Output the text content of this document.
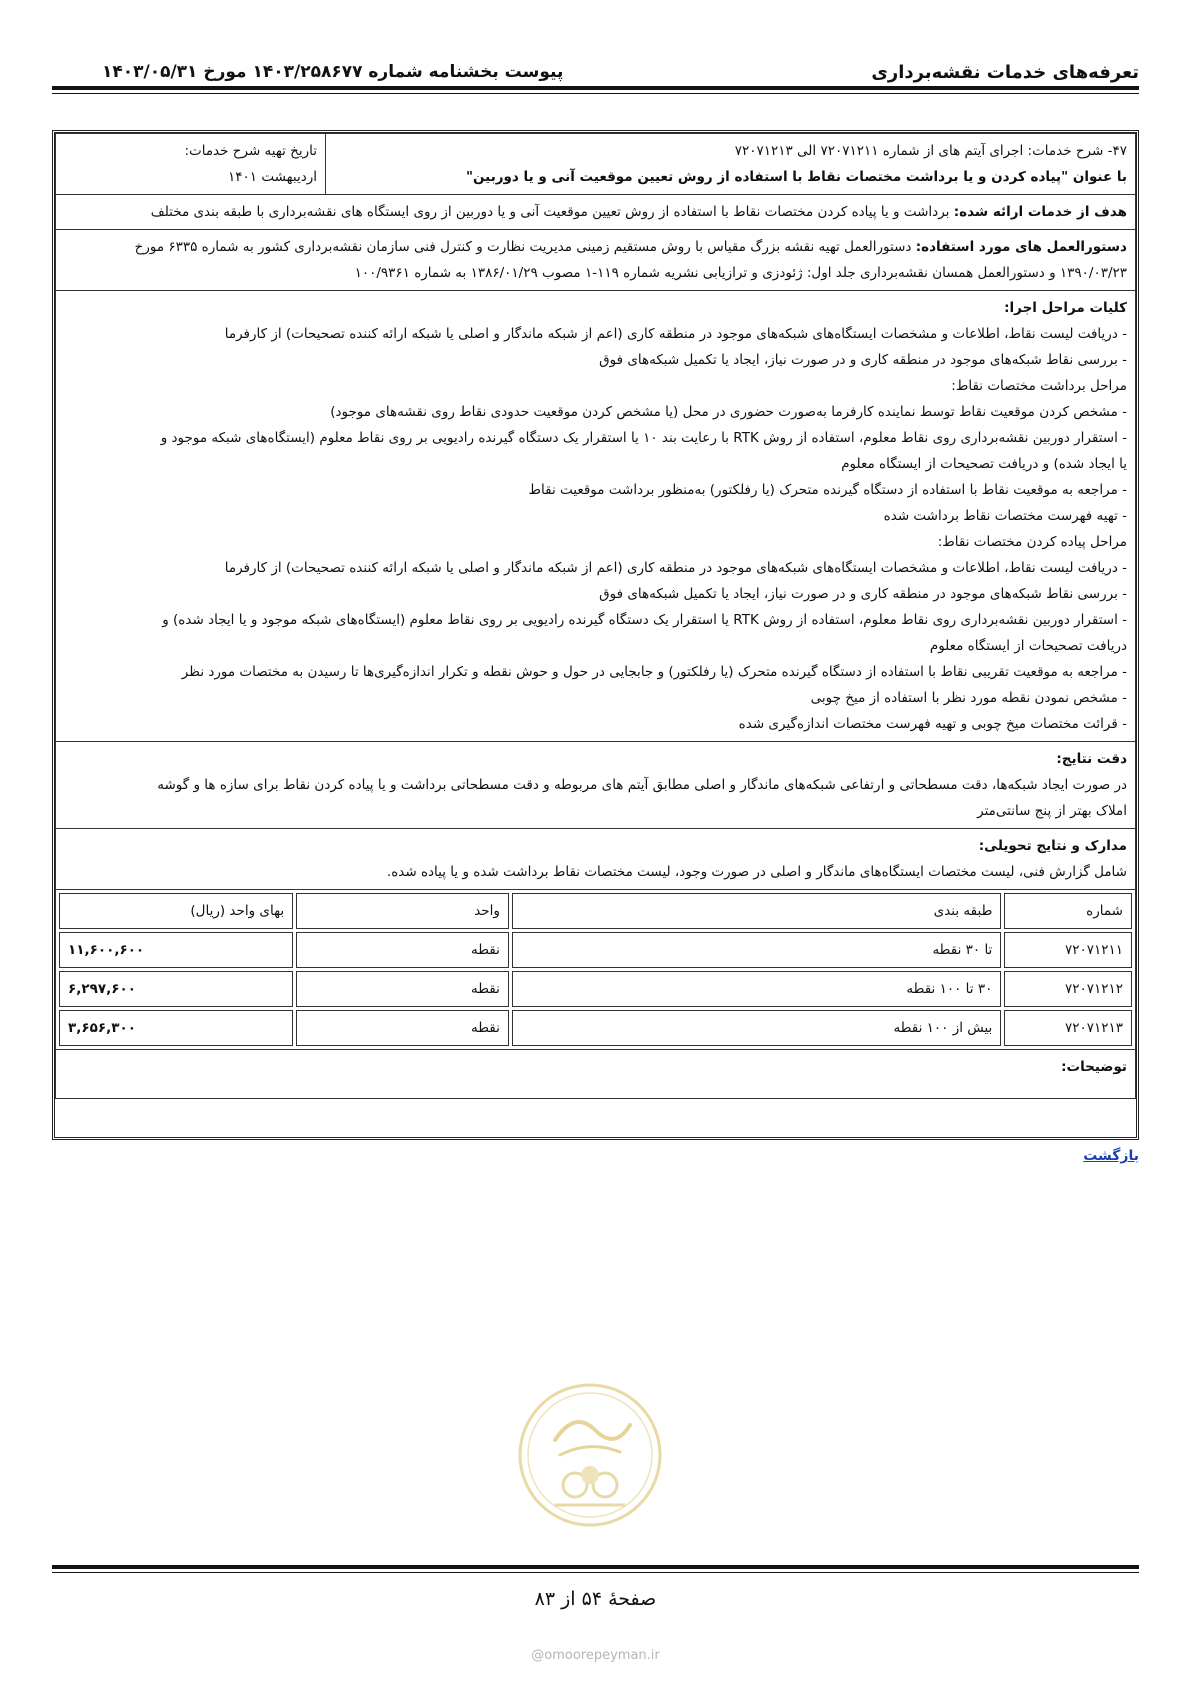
تعرفه‌های خدمات نقشه‌برداری
پیوست بخشنامه شماره ۱۴۰۳/۲۵۸۶۷۷ مورخ ۱۴۰۳/۰۵/۳۱
۴۷- شرح خدمات: اجرای آیتم های از شماره ۷۲۰۷۱۲۱۱ الی ۷۲۰۷۱۲۱۳
با عنوان "پیاده کردن و یا برداشت مختصات نقاط با استفاده از روش تعیین موقعیت آنی و یا دوربین"

تاریخ تهیه شرح خدمات:
اردیبهشت ۱۴۰۱

هدف از خدمات ارائه شده: برداشت و یا پیاده کردن مختصات نقاط با استفاده از روش تعیین موقعیت آنی و یا دوربین از روی ایستگاه های نقشه‌برداری با طبقه بندی مختلف

دستورالعمل های مورد استفاده: دستورالعمل تهیه نقشه بزرگ مقیاس با روش مستقیم زمینی مدیریت نظارت و کنترل فنی سازمان نقشه‌برداری کشور به شماره ۶۳۳۵ مورخ
۱۳۹۰/۰۳/۲۳ و دستورالعمل همسان نقشه‌برداری جلد اول: ژئودزی و ترازیابی نشریه شماره ۱۱۹-۱ مصوب ۱۳۸۶/۰۱/۲۹ به شماره ۱۰۰/۹۳۶۱

کلیات مراحل اجرا:
- دریافت لیست نقاط، اطلاعات و مشخصات ایستگاه‌های شبکه‌های موجود در منطقه کاری (اعم از شبکه ماندگار و اصلی یا شبکه ارائه کننده تصحیحات) از کارفرما
- بررسی نقاط شبکه‌های موجود در منطقه کاری و در صورت نیاز، ایجاد یا تکمیل شبکه‌های فوق
مراحل برداشت مختصات نقاط:
- مشخص کردن موقعیت نقاط توسط نماینده کارفرما به‌صورت حضوری در محل (یا مشخص کردن موقعیت حدودی نقاط روی نقشه‌های موجود)
- استقرار دوربین نقشه‌برداری روی نقاط معلوم، استفاده از روش RTK با رعایت بند ۱۰ یا استقرار یک دستگاه گیرنده رادیویی بر روی نقاط معلوم (ایستگاه‌های شبکه موجود و
یا ایجاد شده) و دریافت تصحیحات از ایستگاه معلوم
- مراجعه به موقعیت نقاط با استفاده از دستگاه گیرنده متحرک (یا رفلکتور) به‌منظور برداشت موقعیت نقاط
- تهیه فهرست مختصات نقاط برداشت شده
مراحل پیاده کردن مختصات نقاط:
- دریافت لیست نقاط، اطلاعات و مشخصات ایستگاه‌های شبکه‌های موجود در منطقه کاری (اعم از شبکه ماندگار و اصلی یا شبکه ارائه کننده تصحیحات) از کارفرما
- بررسی نقاط شبکه‌های موجود در منطقه کاری و در صورت نیاز، ایجاد یا تکمیل شبکه‌های فوق
- استقرار دوربین نقشه‌برداری روی نقاط معلوم، استفاده از روش RTK یا استقرار یک دستگاه گیرنده رادیویی بر روی نقاط معلوم (ایستگاه‌های شبکه موجود و یا ایجاد شده) و
دریافت تصحیحات از ایستگاه معلوم
- مراجعه به موقعیت تقریبی نقاط با استفاده از دستگاه گیرنده متحرک (یا رفلکتور) و جابجایی در حول و حوش نقطه و تکرار اندازه‌گیری‌ها تا رسیدن به مختصات مورد نظر
- مشخص نمودن نقطه مورد نظر با استفاده از میخ چوبی
- قرائت مختصات میخ چوبی و تهیه فهرست مختصات اندازه‌گیری شده

دقت نتایج:
در صورت ایجاد شبکه‌ها، دقت مسطحاتی و ارتفاعی شبکه‌های ماندگار و اصلی مطابق آیتم های مربوطه و دقت مسطحاتی برداشت و یا پیاده کردن نقاط برای سازه ها و گوشه
املاک بهتر از پنج سانتی‌متر

مدارک و نتایج تحویلی:
شامل گزارش فنی، لیست مختصات ایستگاه‌های ماندگار و اصلی در صورت وجود، لیست مختصات نقاط برداشت شده و یا پیاده شده.

شماره	طبقه بندی	واحد	بهای واحد (ریال)
۷۲۰۷۱۲۱۱	تا ۳۰ نقطه	نقطه	۱۱,۶۰۰,۶۰۰
۷۲۰۷۱۲۱۲	۳۰ تا ۱۰۰ نقطه	نقطه	۶,۲۹۷,۶۰۰
۷۲۰۷۱۲۱۳	بیش از ۱۰۰ نقطه	نقطه	۳,۶۵۶,۳۰۰

توضیحات:
بازگشت
صفحهٔ ۵۴ از ۸۳
@omoorepeyman.ir
